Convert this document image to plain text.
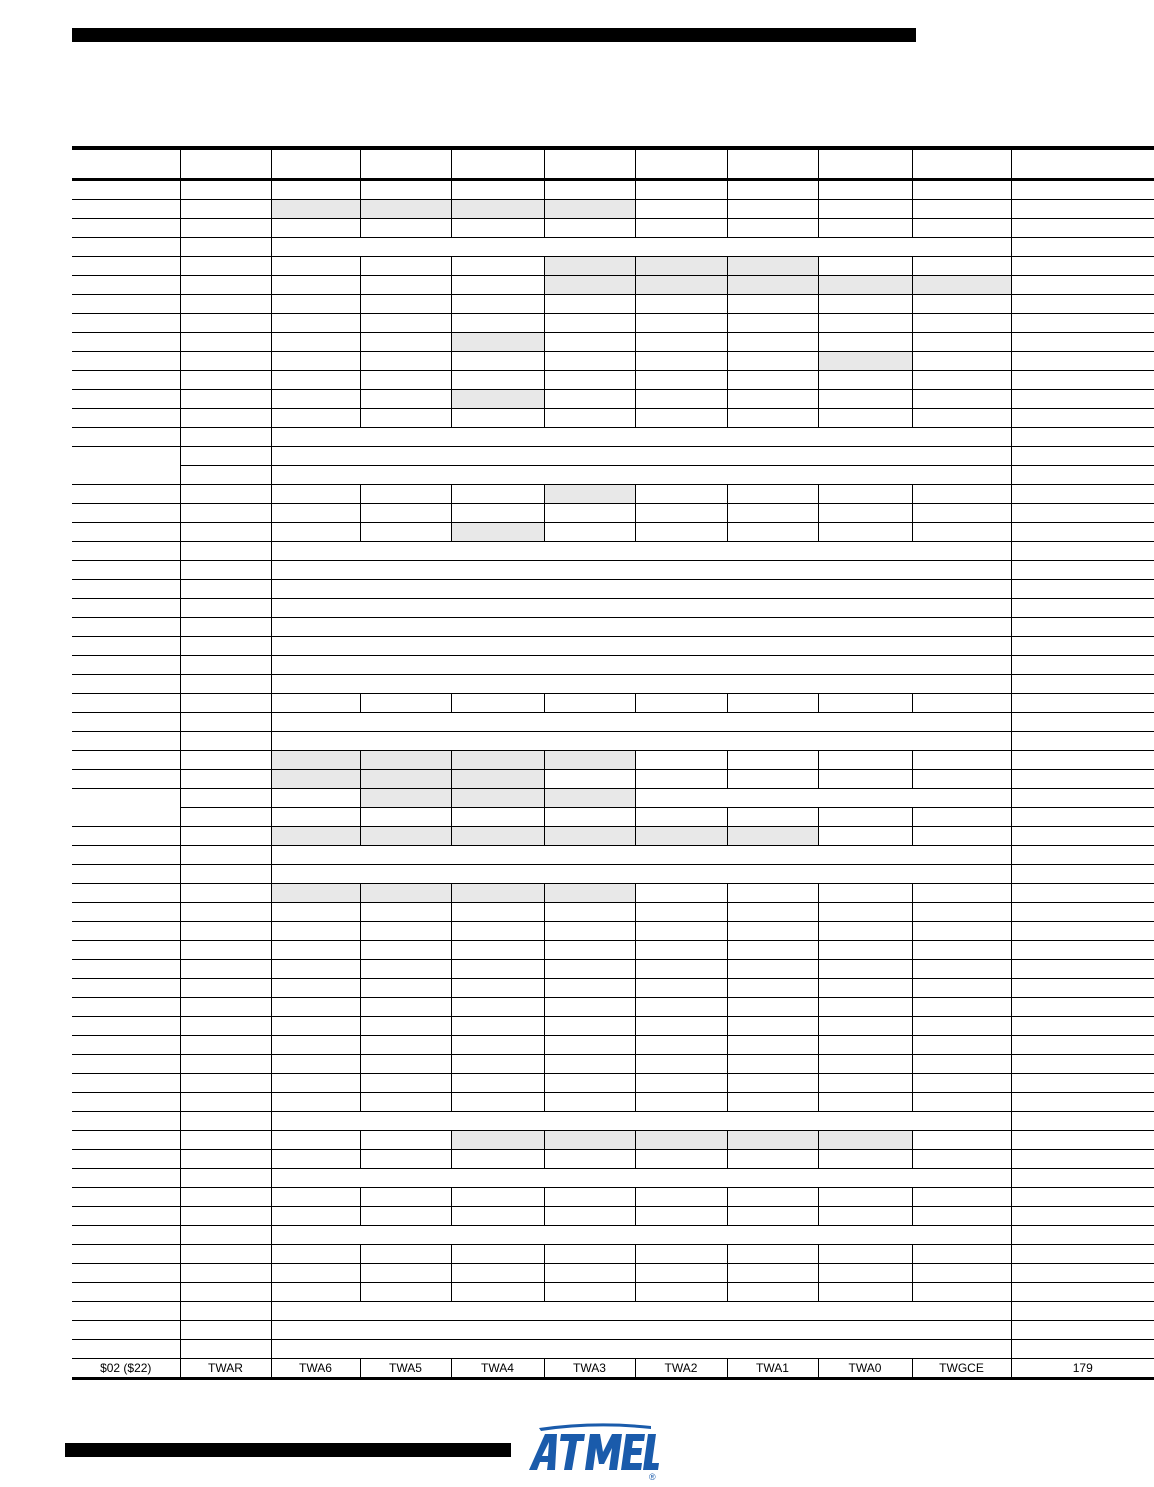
$02 ($22)	TWAR	TWA6	TWA5	TWA4	TWA3	TWA2	TWA1	TWA0	TWGCE	179
®
